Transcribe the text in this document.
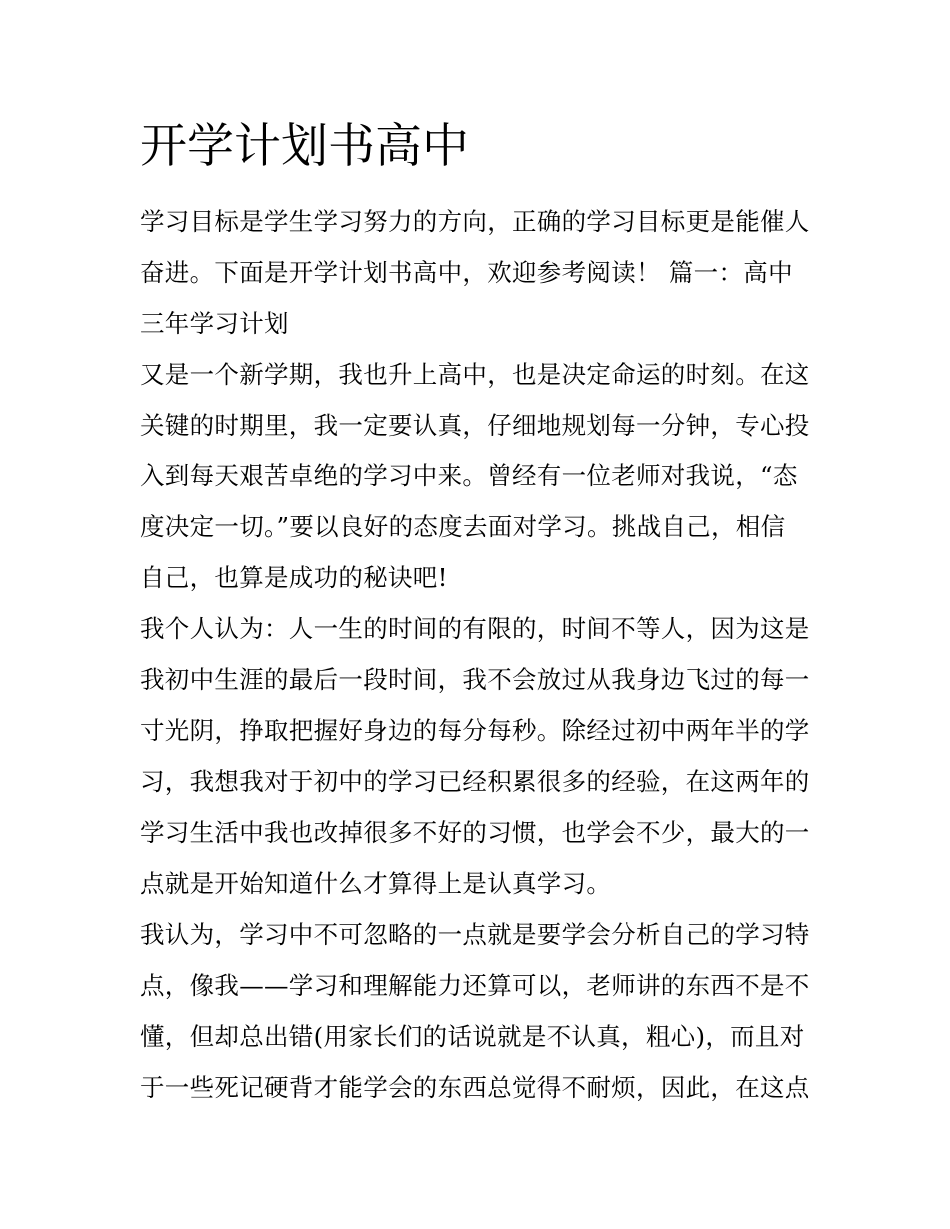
开学计划书高中
学习目标是学生学习努力的方向，正确的学习目标更是能催人
奋进。下面是开学计划书高中，欢迎参考阅读！ 篇一：高中
三年学习计划
又是一个新学期，我也升上高中，也是决定命运的时刻。在这
关键的时期里，我一定要认真，仔细地规划每一分钟，专心投
入到每天艰苦卓绝的学习中来。曾经有一位老师对我说，“态
度决定一切。”要以良好的态度去面对学习。挑战自己，相信
自己，也算是成功的秘诀吧!
我个人认为：人一生的时间的有限的，时间不等人，因为这是
我初中生涯的最后一段时间，我不会放过从我身边飞过的每一
寸光阴，挣取把握好身边的每分每秒。除经过初中两年半的学
习，我想我对于初中的学习已经积累很多的经验，在这两年的
学习生活中我也改掉很多不好的习惯，也学会不少，最大的一
点就是开始知道什么才算得上是认真学习。
我认为，学习中不可忽略的一点就是要学会分析自己的学习特
点，像我——学习和理解能力还算可以，老师讲的东西不是不
懂，但却总出错(用家长们的话说就是不认真，粗心)，而且对
于一些死记硬背才能学会的东西总觉得不耐烦，因此，在这点
